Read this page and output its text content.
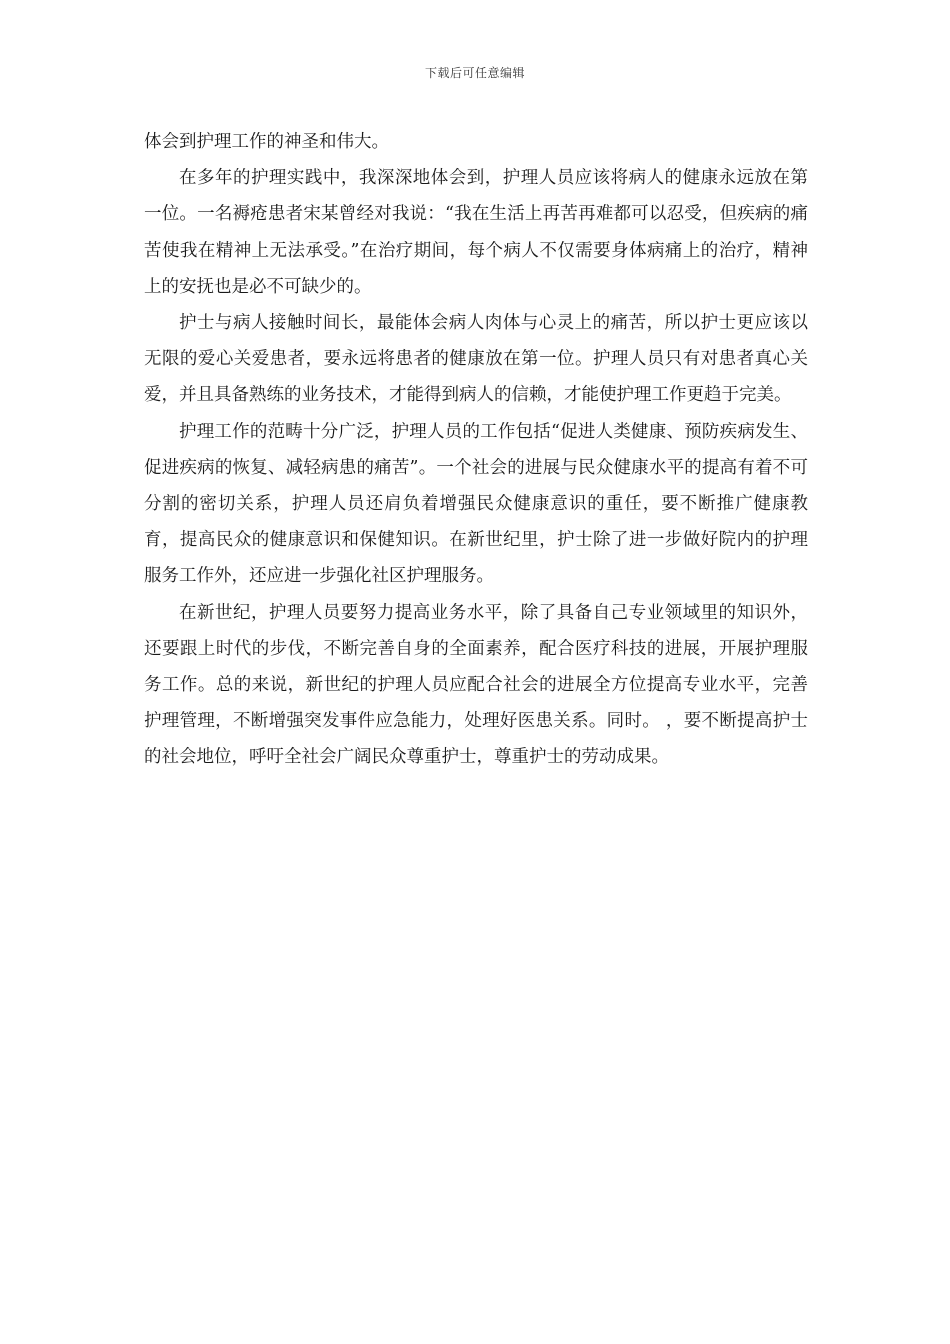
下载后可任意编辑

体会到护理工作的神圣和伟大。

在多年的护理实践中，我深深地体会到，护理人员应该将病人的健康永远放在第一位。一名褥疮患者宋某曾经对我说：“我在生活上再苦再难都可以忍受，但疾病的痛苦使我在精神上无法承受。”在治疗期间，每个病人不仅需要身体病痛上的治疗，精神上的安抚也是必不可缺少的。

护士与病人接触时间长，最能体会病人肉体与心灵上的痛苦，所以护士更应该以无限的爱心关爱患者，要永远将患者的健康放在第一位。护理人员只有对患者真心关爱，并且具备熟练的业务技术，才能得到病人的信赖，才能使护理工作更趋于完美。

护理工作的范畴十分广泛，护理人员的工作包括“促进人类健康、预防疾病发生、促进疾病的恢复、减轻病患的痛苦”。一个社会的进展与民众健康水平的提高有着不可分割的密切关系，护理人员还肩负着增强民众健康意识的重任，要不断推广健康教育，提高民众的健康意识和保健知识。在新世纪里，护士除了进一步做好院内的护理服务工作外，还应进一步强化社区护理服务。

在新世纪，护理人员要努力提高业务水平，除了具备自己专业领域里的知识外，还要跟上时代的步伐，不断完善自身的全面素养，配合医疗科技的进展，开展护理服务工作。总的来说，新世纪的护理人员应配合社会的进展全方位提高专业水平，完善护理管理，不断增强突发事件应急能力，处理好医患关系。同时。 ，要不断提高护士的社会地位，呼吁全社会广阔民众尊重护士，尊重护士的劳动成果。
